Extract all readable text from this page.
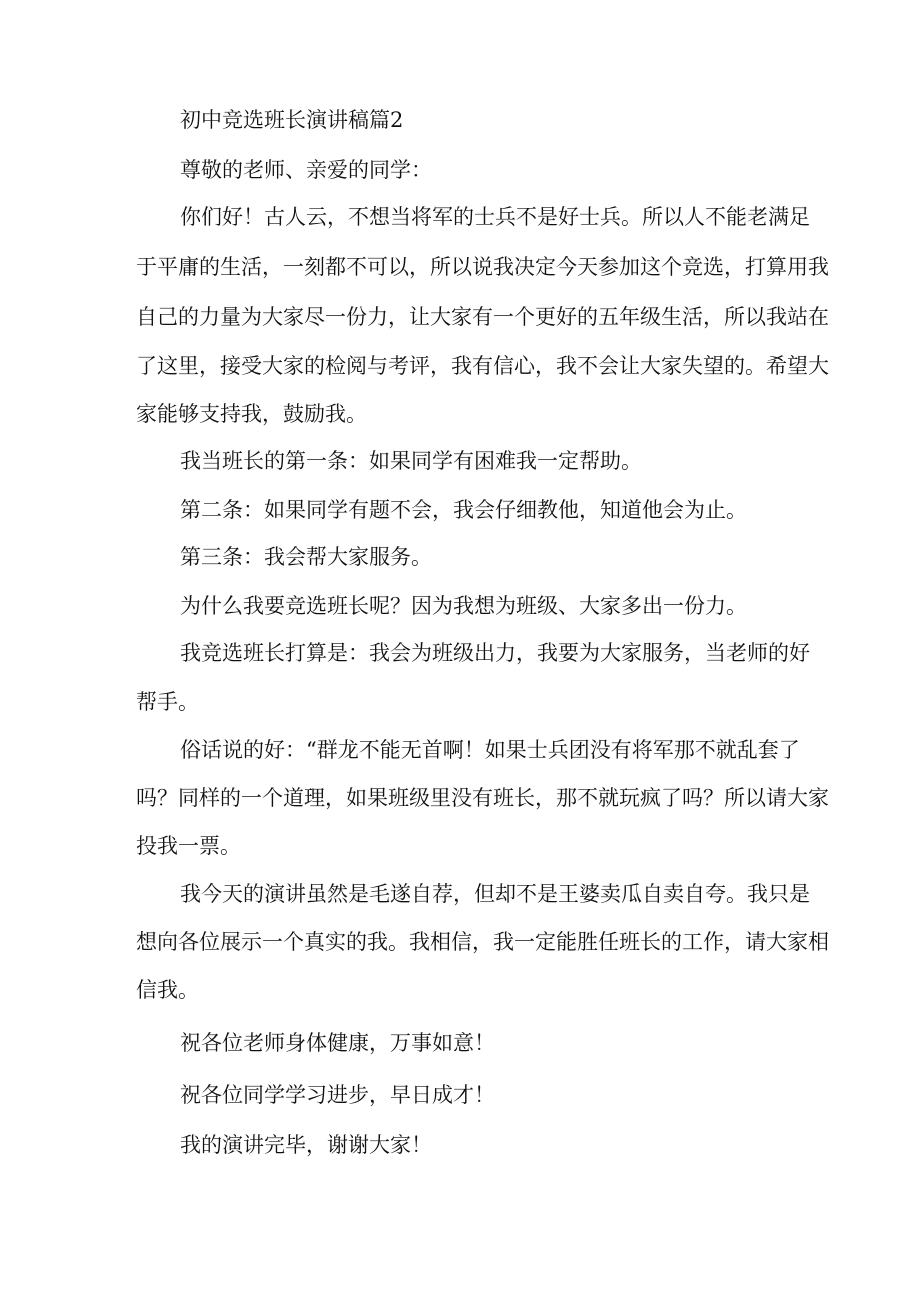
初中竞选班长演讲稿篇2
尊敬的老师、亲爱的同学：
你们好！古人云，不想当将军的士兵不是好士兵。所以人不能老满足
于平庸的生活，一刻都不可以，所以说我决定今天参加这个竞选，打算用我
自己的力量为大家尽一份力，让大家有一个更好的五年级生活，所以我站在
了这里，接受大家的检阅与考评，我有信心，我不会让大家失望的。希望大
家能够支持我，鼓励我。
我当班长的第一条：如果同学有困难我一定帮助。
第二条：如果同学有题不会，我会仔细教他，知道他会为止。
第三条：我会帮大家服务。
为什么我要竞选班长呢？因为我想为班级、大家多出一份力。
我竞选班长打算是：我会为班级出力，我要为大家服务，当老师的好
帮手。
俗话说的好：“群龙不能无首啊！如果士兵团没有将军那不就乱套了
吗？同样的一个道理，如果班级里没有班长，那不就玩疯了吗？所以请大家
投我一票。
我今天的演讲虽然是毛遂自荐，但却不是王婆卖瓜自卖自夸。我只是
想向各位展示一个真实的我。我相信，我一定能胜任班长的工作，请大家相
信我。
祝各位老师身体健康，万事如意！
祝各位同学学习进步，早日成才！
我的演讲完毕，谢谢大家！
